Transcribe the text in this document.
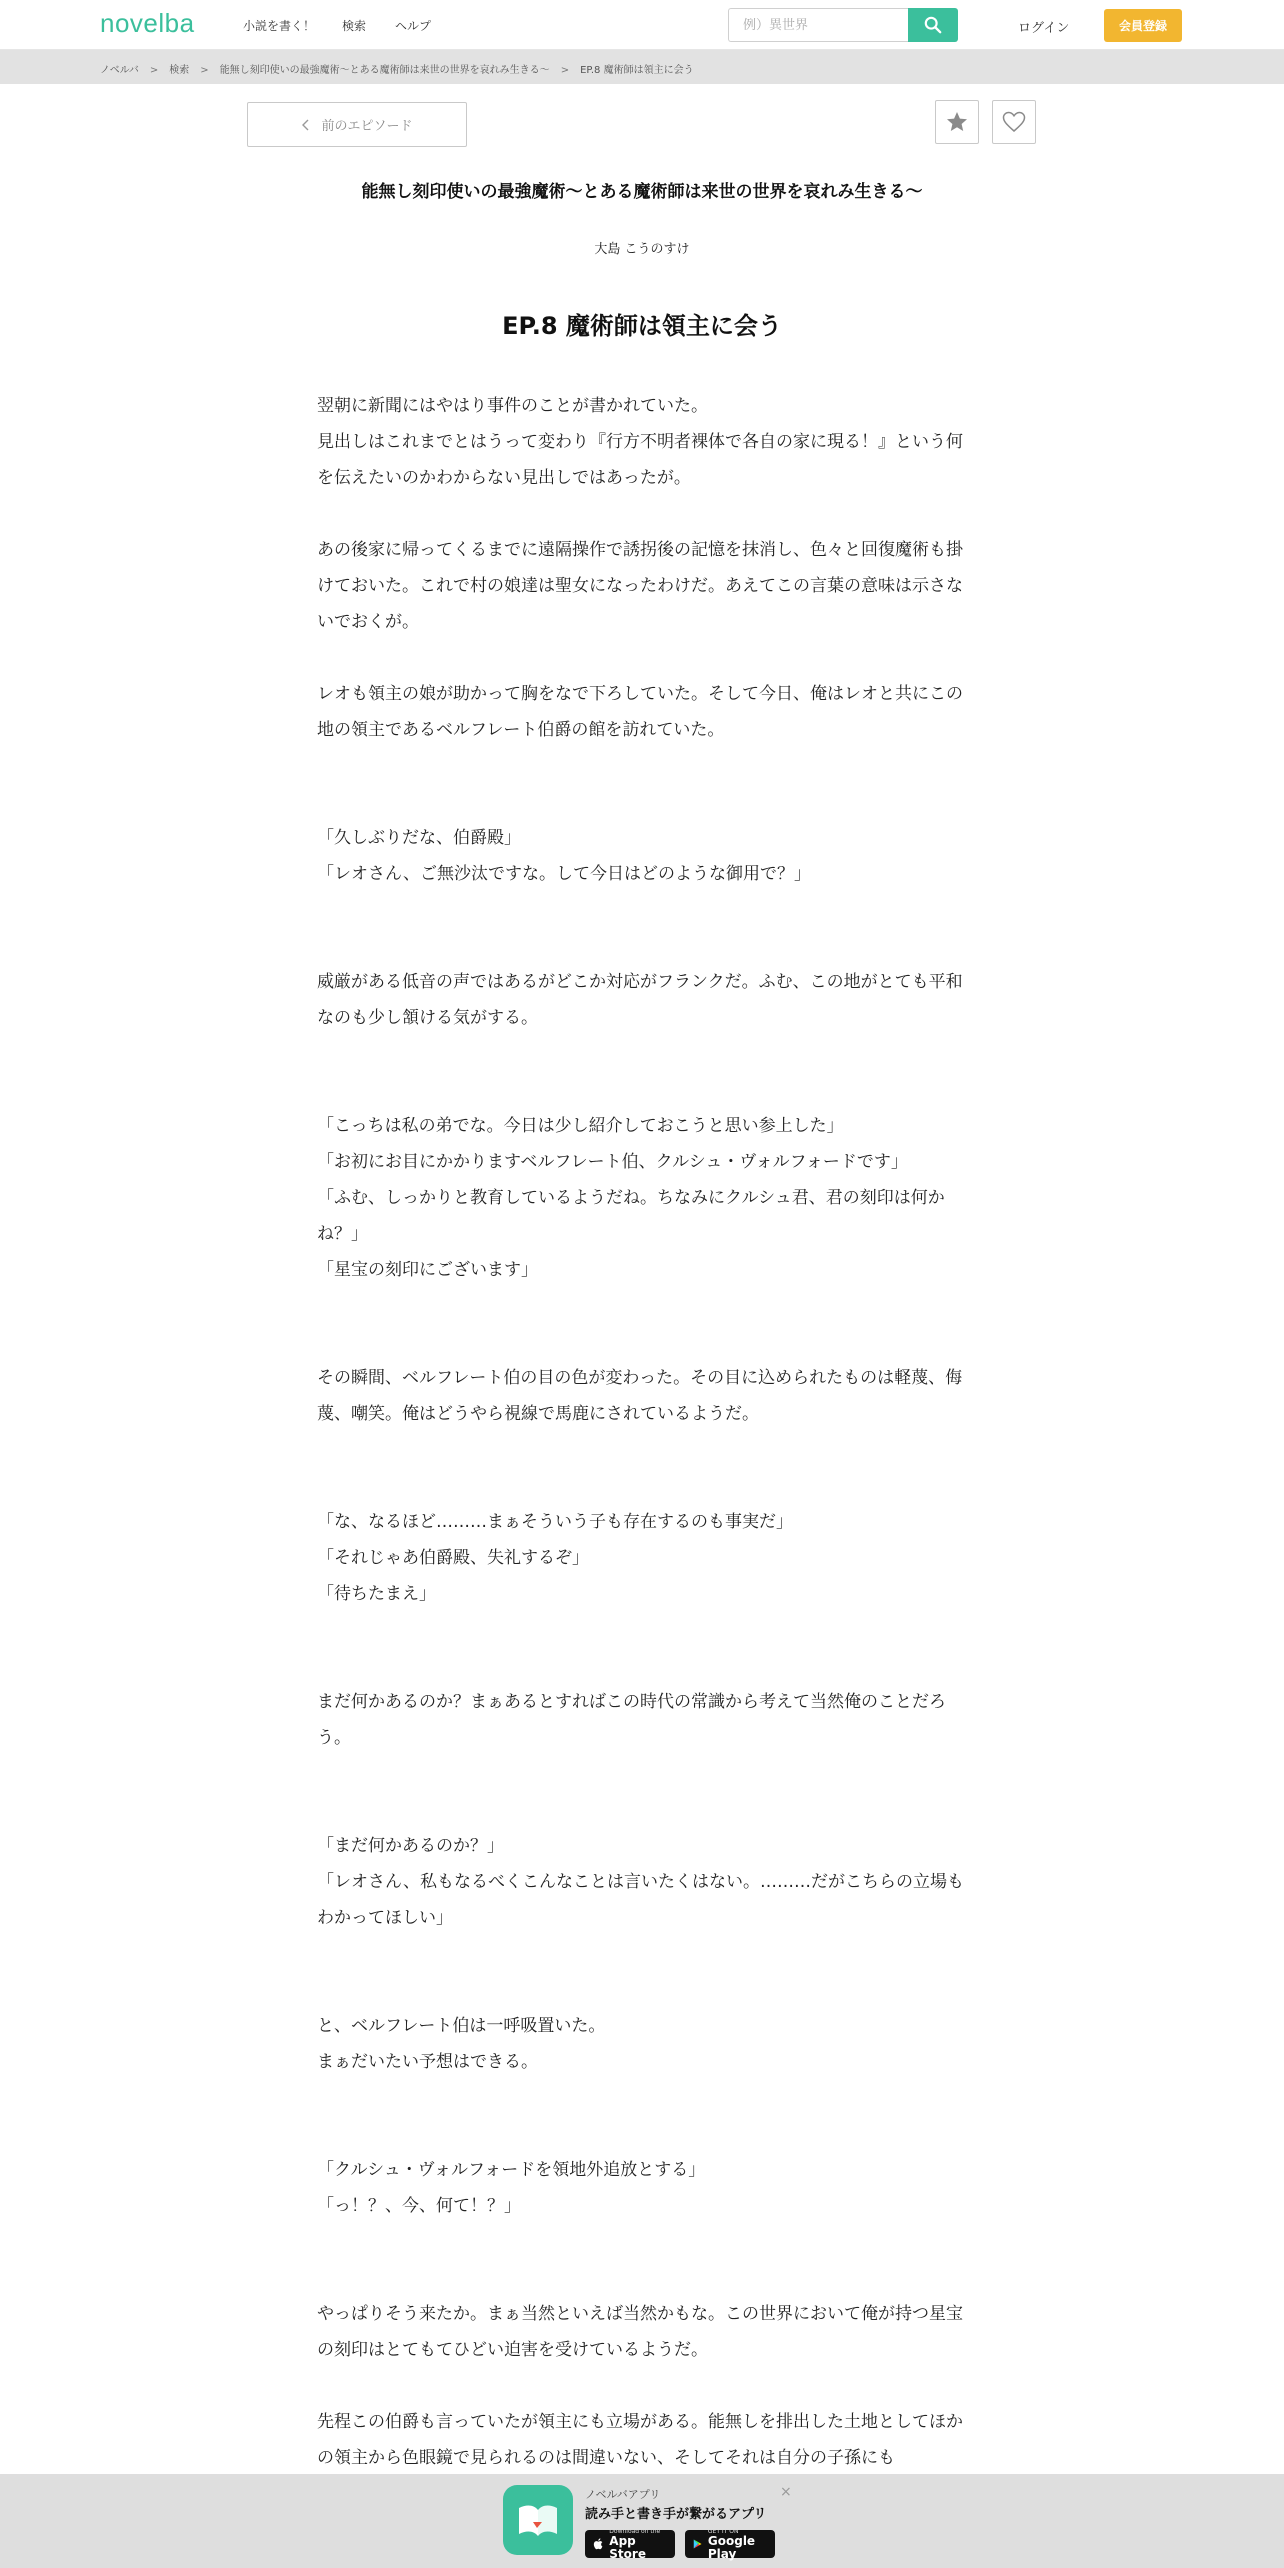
novelba	小説を書く！ 検索 ヘルプ
例）異世界	ログイン	会員登録
ノベルバ > 検索 > 能無し刻印使いの最強魔術〜とある魔術師は来世の世界を哀れみ生きる〜 > EP.8 魔術師は領主に会う
前のエピソード
能無し刻印使いの最強魔術〜とある魔術師は来世の世界を哀れみ生きる〜
大島 こうのすけ
EP.8 魔術師は領主に会う

翌朝に新聞にはやはり事件のことが書かれていた。

見出しはこれまでとはうって変わり『行方不明者裸体で各自の家に現る！』という何を伝えたいのかわからない見出しではあったが。

あの後家に帰ってくるまでに遠隔操作で誘拐後の記憶を抹消し、色々と回復魔術も掛けておいた。これで村の娘達は聖女になったわけだ。あえてこの言葉の意味は示さないでおくが。

レオも領主の娘が助かって胸をなで下ろしていた。そして今日、俺はレオと共にこの地の領主であるベルフレート伯爵の館を訪れていた。

「久しぶりだな、伯爵殿」

「レオさん、ご無沙汰ですな。して今日はどのような御用で？」

威厳がある低音の声ではあるがどこか対応がフランクだ。ふむ、この地がとても平和なのも少し頷ける気がする。

「こっちは私の弟でな。今日は少し紹介しておこうと思い参上した」

「お初にお目にかかりますベルフレート伯、クルシュ・ヴォルフォードです」

「ふむ、しっかりと教育しているようだね。ちなみにクルシュ君、君の刻印は何かね？」

「星宝の刻印にございます」

その瞬間、ベルフレート伯の目の色が変わった。その目に込められたものは軽蔑、侮蔑、嘲笑。俺はどうやら視線で馬鹿にされているようだ。

「な、なるほど………まぁそういう子も存在するのも事実だ」

「それじゃあ伯爵殿、失礼するぞ」

「待ちたまえ」

まだ何かあるのか？まぁあるとすればこの時代の常識から考えて当然俺のことだろう。

「まだ何かあるのか？」

「レオさん、私もなるべくこんなことは言いたくはない。………だがこちらの立場もわかってほしい」

と、ベルフレート伯は一呼吸置いた。

まぁだいたい予想はできる。

「クルシュ・ヴォルフォードを領地外追放とする」

「っ！？、今、何て！？」

やっぱりそう来たか。まぁ当然といえば当然かもな。この世界において俺が持つ星宝の刻印はとてもてひどい迫害を受けているようだ。

先程この伯爵も言っていたが領主にも立場がある。能無しを排出した土地としてほかの領主から色眼鏡で見られるのは間違いない、そしてそれは自分の子孫にも

ノベルバアプリ
読み手と書き手が繋がるアプリ
Download on the
App Store
GET IT ON
Google Play
×
